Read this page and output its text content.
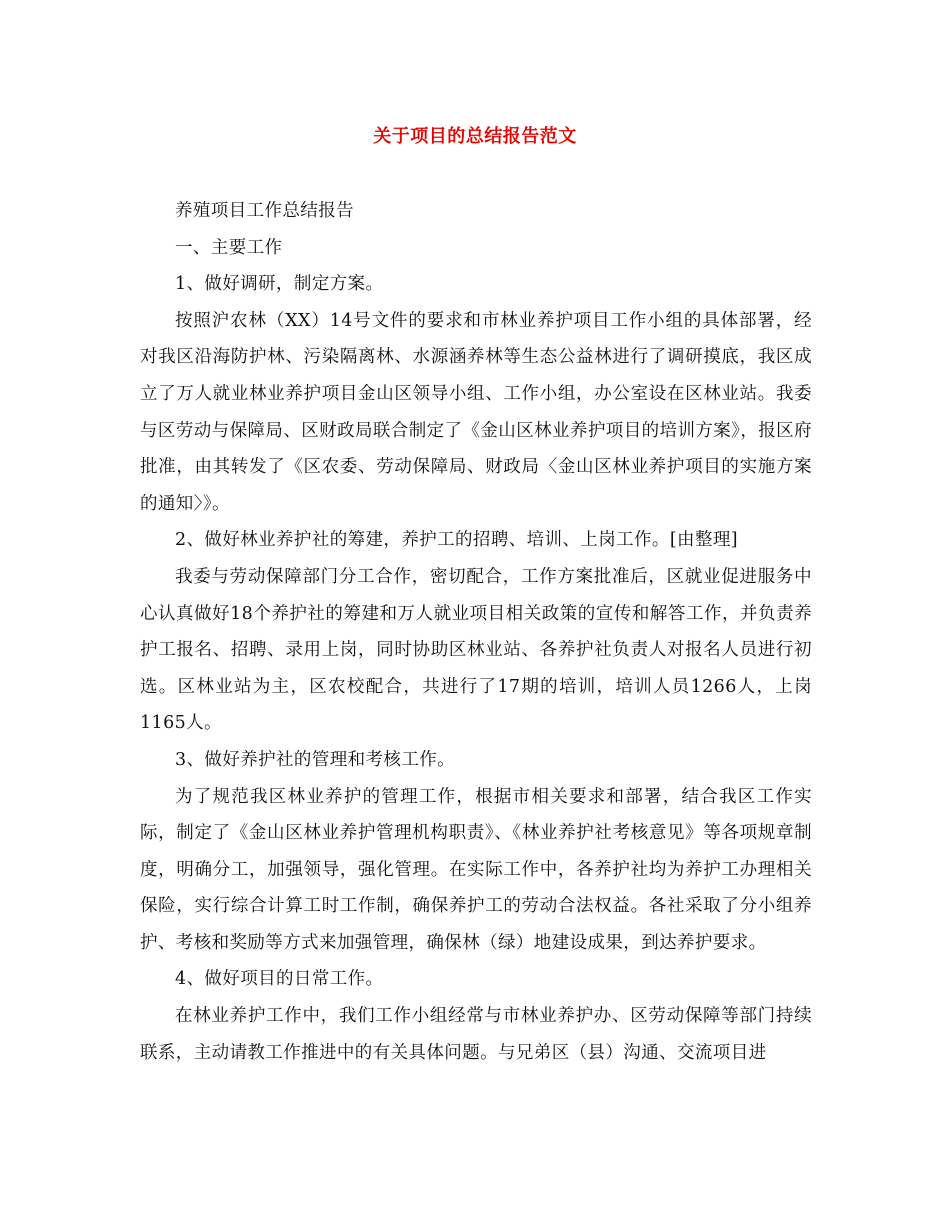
关于项目的总结报告范文

养殖项目工作总结报告

一、主要工作

1、做好调研，制定方案。

按照沪农林（XX）14号文件的要求和市林业养护项目工作小组的具体部署，经对我区沿海防护林、污染隔离林、水源涵养林等生态公益林进行了调研摸底，我区成立了万人就业林业养护项目金山区领导小组、工作小组，办公室设在区林业站。我委与区劳动与保障局、区财政局联合制定了《金山区林业养护项目的培训方案》，报区府批准，由其转发了《区农委、劳动保障局、财政局〈金山区林业养护项目的实施方案的通知〉》。

2、做好林业养护社的筹建，养护工的招聘、培训、上岗工作。[由整理]

我委与劳动保障部门分工合作，密切配合，工作方案批准后，区就业促进服务中心认真做好18个养护社的筹建和万人就业项目相关政策的宣传和解答工作，并负责养护工报名、招聘、录用上岗，同时协助区林业站、各养护社负责人对报名人员进行初选。区林业站为主，区农校配合，共进行了17期的培训，培训人员1266人，上岗1165人。

3、做好养护社的管理和考核工作。

为了规范我区林业养护的管理工作，根据市相关要求和部署，结合我区工作实际，制定了《金山区林业养护管理机构职责》、《林业养护社考核意见》等各项规章制度，明确分工，加强领导，强化管理。在实际工作中，各养护社均为养护工办理相关保险，实行综合计算工时工作制，确保养护工的劳动合法权益。各社采取了分小组养护、考核和奖励等方式来加强管理，确保林（绿）地建设成果，到达养护要求。

4、做好项目的日常工作。

在林业养护工作中，我们工作小组经常与市林业养护办、区劳动保障等部门持续联系，主动请教工作推进中的有关具体问题。与兄弟区（县）沟通、交流项目进
